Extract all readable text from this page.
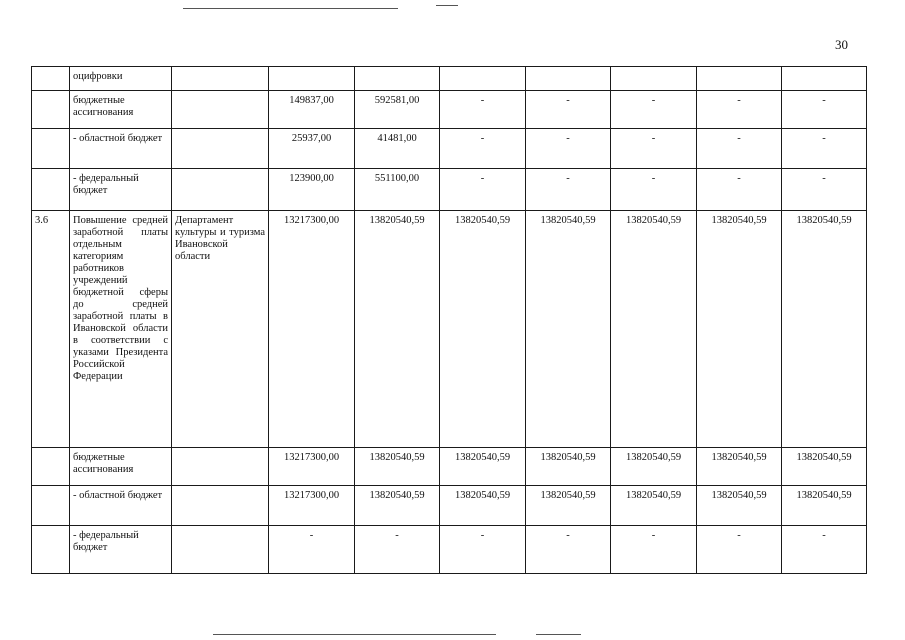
30
	оцифровки								
	бюджетные ассигнования		149837,00	592581,00	-	-	-	-	-
	- областной бюджет		25937,00	41481,00	-	-	-	-	-
	- федеральный бюджет		123900,00	551100,00	-	-	-	-	-
3.6	Повышение средней заработной платы отдельным категориям работников учреждений бюджетной сферы до средней заработной платы в Ивановской области в соответствии с указами Президента Российской Федерации	Департамент культуры и туризма Ивановской области	13217300,00	13820540,59	13820540,59	13820540,59	13820540,59	13820540,59	13820540,59
	бюджетные ассигнования		13217300,00	13820540,59	13820540,59	13820540,59	13820540,59	13820540,59	13820540,59
	- областной бюджет		13217300,00	13820540,59	13820540,59	13820540,59	13820540,59	13820540,59	13820540,59
	- федеральный бюджет		-	-	-	-	-	-	-
